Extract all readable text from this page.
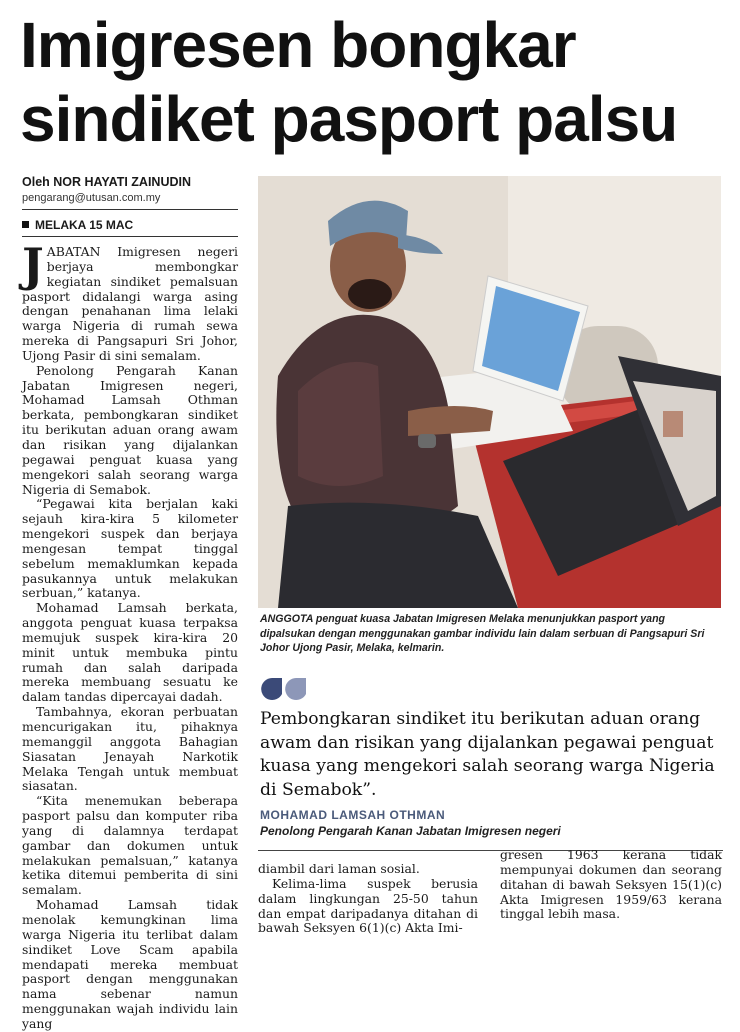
Imigresen bongkar
sindiket pasport palsu
Oleh NOR HAYATI ZAINUDIN
pengarang@utusan.com.my
MELAKA 15 MAC

JABATAN Imigresen negeri berjaya membongkar kegiatan sindiket pemalsuan pasport didalangi warga asing dengan penahanan lima lelaki warga Nigeria di rumah sewa mereka di Pangsapuri Sri Johor, Ujong Pasir di sini semalam.

Penolong Pengarah Kanan Jabatan Imigresen negeri, Mohamad Lamsah Othman berkata, pembongkaran sindiket itu berikutan aduan orang awam dan risikan yang dijalankan pegawai penguat kuasa yang mengekori salah seorang warga Nigeria di Semabok.

“Pegawai kita berjalan kaki sejauh kira-kira 5 kilometer mengekori suspek dan berjaya mengesan tempat tinggal sebelum memaklumkan kepada pasukannya untuk melakukan serbuan,” katanya.

Mohamad Lamsah berkata, anggota penguat kuasa terpaksa memujuk suspek kira-kira 20 minit untuk membuka pintu rumah dan salah daripada mereka membuang sesuatu ke dalam tandas dipercayai dadah.

Tambahnya, ekoran perbuatan mencurigakan itu, pihaknya memanggil anggota Bahagian Siasatan Jenayah Narkotik Melaka Tengah untuk membuat siasatan.

“Kita menemukan beberapa pasport palsu dan komputer riba yang di dalamnya terdapat gambar dan dokumen untuk melakukan pemalsuan,” katanya ketika ditemui pemberita di sini semalam.

Mohamad Lamsah tidak menolak kemungkinan lima warga Nigeria itu terlibat dalam sindiket Love Scam apabila mendapati mereka membuat pasport dengan menggunakan nama sebenar namun menggunakan wajah individu lain yang

ANGGOTA penguat kuasa Jabatan Imigresen Melaka menunjukkan pasport yang dipalsukan dengan menggunakan gambar individu lain dalam serbuan di Pangsapuri Sri Johor Ujong Pasir, Melaka, kelmarin.
Pembongkaran sindiket itu berikutan aduan orang awam dan risikan yang dijalankan pegawai penguat kuasa yang mengekori salah seorang warga Nigeria di Semabok”.
MOHAMAD LAMSAH OTHMAN
Penolong Pengarah Kanan Jabatan Imigresen negeri

diambil dari laman sosial.

Kelima-lima suspek berusia dalam lingkungan 25-50 tahun dan empat daripadanya ditahan di bawah Seksyen 6(1)(c) Akta Imi-

gresen 1963 kerana tidak mempunyai dokumen dan seorang ditahan di bawah Seksyen 15(1)(c) Akta Imigresen 1959/63 kerana tinggal lebih masa.
